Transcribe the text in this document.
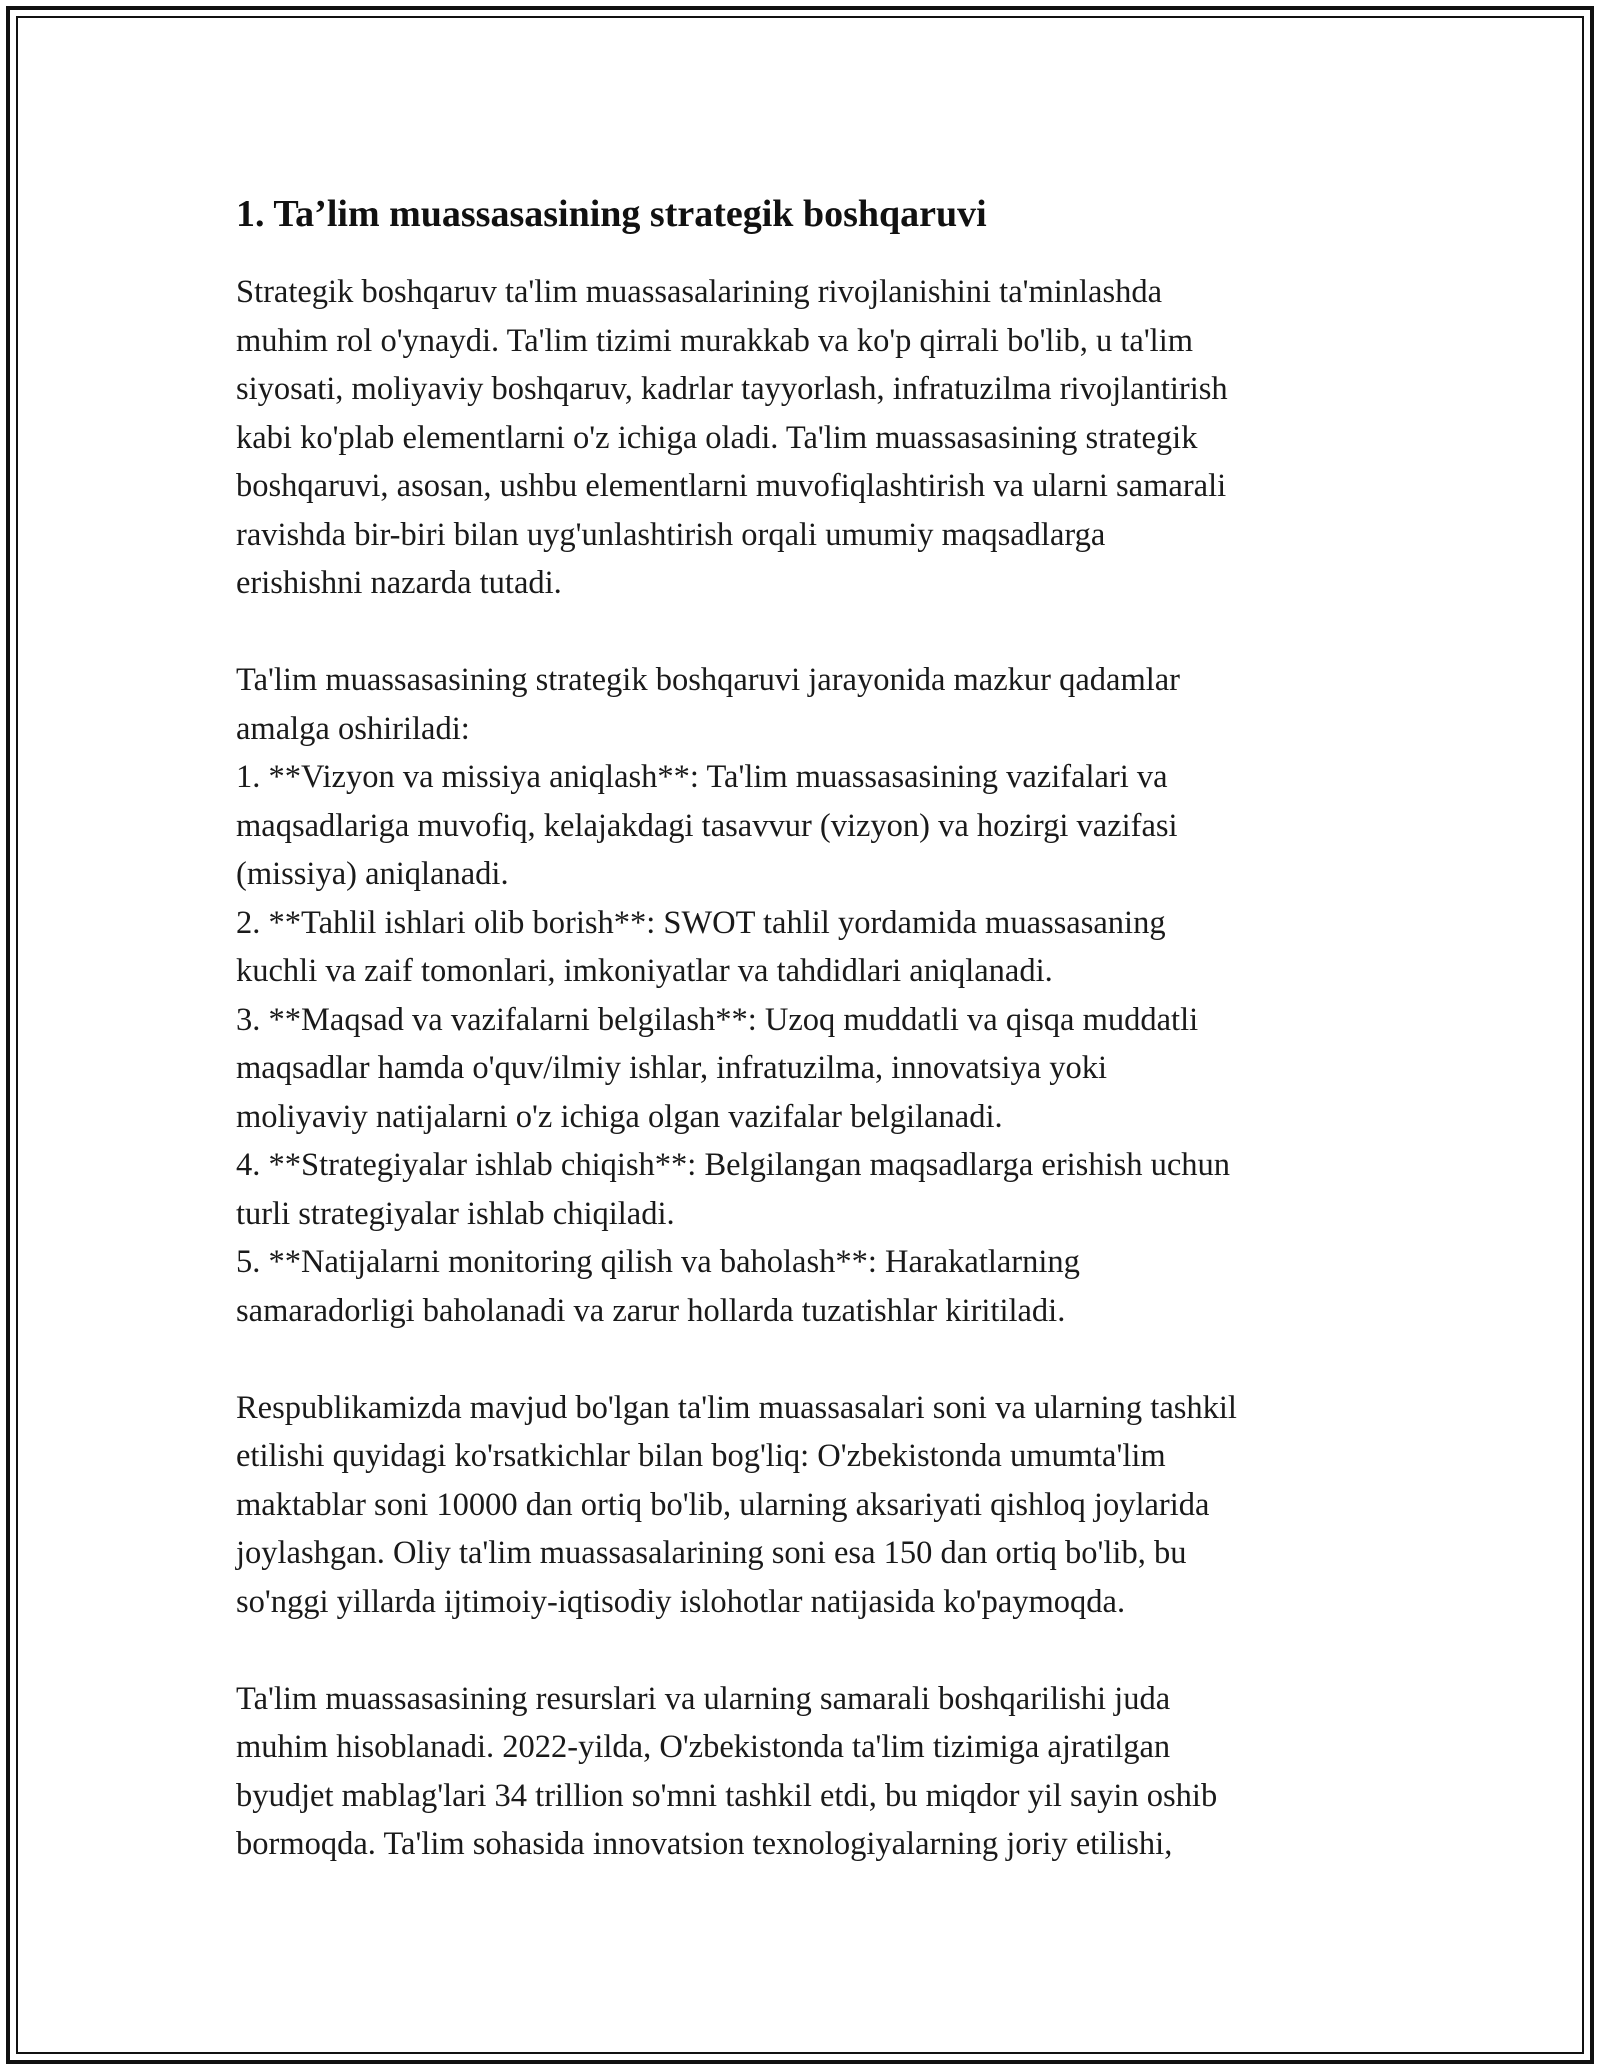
1. Ta’lim muassasasining strategik boshqaruvi
Strategik boshqaruv ta'lim muassasalarining rivojlanishini ta'minlashda
muhim rol o'ynaydi. Ta'lim tizimi murakkab va ko'p qirrali bo'lib, u ta'lim
siyosati, moliyaviy boshqaruv, kadrlar tayyorlash, infratuzilma rivojlantirish
kabi ko'plab elementlarni o'z ichiga oladi. Ta'lim muassasasining strategik
boshqaruvi, asosan, ushbu elementlarni muvofiqlashtirish va ularni samarali
ravishda bir-biri bilan uyg'unlashtirish orqali umumiy maqsadlarga
erishishni nazarda tutadi.
Ta'lim muassasasining strategik boshqaruvi jarayonida mazkur qadamlar
amalga oshiriladi:
1. **Vizyon va missiya aniqlash**: Ta'lim muassasasining vazifalari va
maqsadlariga muvofiq, kelajakdagi tasavvur (vizyon) va hozirgi vazifasi
(missiya) aniqlanadi.
2. **Tahlil ishlari olib borish**: SWOT tahlil yordamida muassasaning
kuchli va zaif tomonlari, imkoniyatlar va tahdidlari aniqlanadi.
3. **Maqsad va vazifalarni belgilash**: Uzoq muddatli va qisqa muddatli
maqsadlar hamda o'quv/ilmiy ishlar, infratuzilma, innovatsiya yoki
moliyaviy natijalarni o'z ichiga olgan vazifalar belgilanadi.
4. **Strategiyalar ishlab chiqish**: Belgilangan maqsadlarga erishish uchun
turli strategiyalar ishlab chiqiladi.
5. **Natijalarni monitoring qilish va baholash**: Harakatlarning
samaradorligi baholanadi va zarur hollarda tuzatishlar kiritiladi.
Respublikamizda mavjud bo'lgan ta'lim muassasalari soni va ularning tashkil
etilishi quyidagi ko'rsatkichlar bilan bog'liq: O'zbekistonda umumta'lim
maktablar soni 10000 dan ortiq bo'lib, ularning aksariyati qishloq joylarida
joylashgan. Oliy ta'lim muassasalarining soni esa 150 dan ortiq bo'lib, bu
so'nggi yillarda ijtimoiy-iqtisodiy islohotlar natijasida ko'paymoqda.
Ta'lim muassasasining resurslari va ularning samarali boshqarilishi juda
muhim hisoblanadi. 2022-yilda, O'zbekistonda ta'lim tizimiga ajratilgan
byudjet mablag'lari 34 trillion so'mni tashkil etdi, bu miqdor yil sayin oshib
bormoqda. Ta'lim sohasida innovatsion texnologiyalarning joriy etilishi,
